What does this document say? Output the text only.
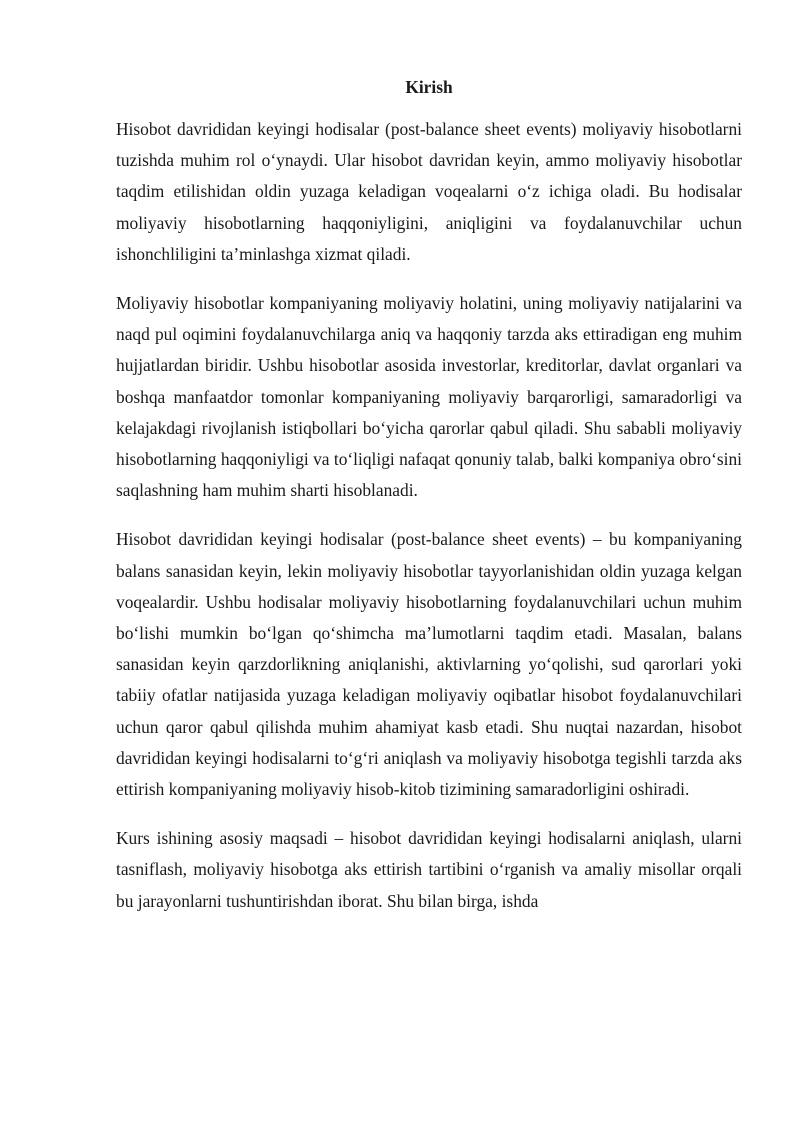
Kirish

Hisobot davrididan keyingi hodisalar (post-balance sheet events) moliyaviy hisobotlarni tuzishda muhim rol o‘ynaydi. Ular hisobot davridan keyin, ammo moliyaviy hisobotlar taqdim etilishidan oldin yuzaga keladigan voqealarni o‘z ichiga oladi. Bu hodisalar moliyaviy hisobotlarning haqqoniyligini, aniqligini va foydalanuvchilar uchun ishonchliligini ta’minlashga xizmat qiladi.

Moliyaviy hisobotlar kompaniyaning moliyaviy holatini, uning moliyaviy natijalarini va naqd pul oqimini foydalanuvchilarga aniq va haqqoniy tarzda aks ettiradigan eng muhim hujjatlardan biridir. Ushbu hisobotlar asosida investorlar, kreditorlar, davlat organlari va boshqa manfaatdor tomonlar kompaniyaning moliyaviy barqarorligi, samaradorligi va kelajakdagi rivojlanish istiqbollari bo‘yicha qarorlar qabul qiladi. Shu sababli moliyaviy hisobotlarning haqqoniyligi va to‘liqligi nafaqat qonuniy talab, balki kompaniya obro‘sini saqlashning ham muhim sharti hisoblanadi.

Hisobot davrididan keyingi hodisalar (post-balance sheet events) – bu kompaniyaning balans sanasidan keyin, lekin moliyaviy hisobotlar tayyorlanishidan oldin yuzaga kelgan voqealardir. Ushbu hodisalar moliyaviy hisobotlarning foydalanuvchilari uchun muhim bo‘lishi mumkin bo‘lgan qo‘shimcha ma’lumotlarni taqdim etadi. Masalan, balans sanasidan keyin qarzdorlikning aniqlanishi, aktivlarning yo‘qolishi, sud qarorlari yoki tabiiy ofatlar natijasida yuzaga keladigan moliyaviy oqibatlar hisobot foydalanuvchilari uchun qaror qabul qilishda muhim ahamiyat kasb etadi. Shu nuqtai nazardan, hisobot davrididan keyingi hodisalarni to‘g‘ri aniqlash va moliyaviy hisobotga tegishli tarzda aks ettirish kompaniyaning moliyaviy hisob-kitob tizimining samaradorligini oshiradi.

Kurs ishining asosiy maqsadi – hisobot davrididan keyingi hodisalarni aniqlash, ularni tasniflash, moliyaviy hisobotga aks ettirish tartibini o‘rganish va amaliy misollar orqali bu jarayonlarni tushuntirishdan iborat. Shu bilan birga, ishda
